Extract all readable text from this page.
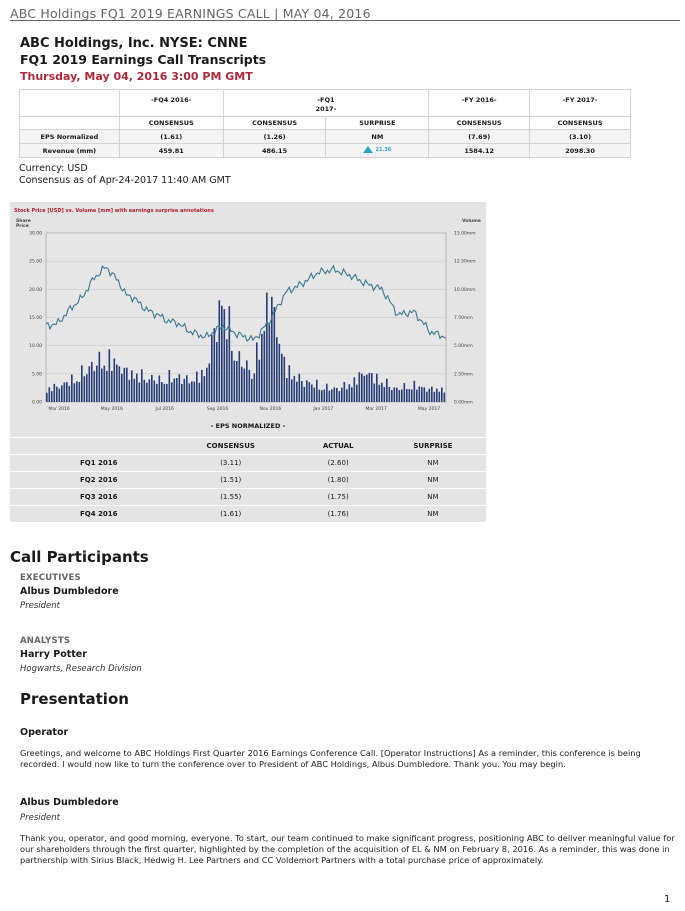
ABC Holdings FQ1 2019 EARNINGS CALL | MAY 04, 2016
ABC Holdings, Inc. NYSE: CNNE
FQ1 2019 Earnings Call Transcripts
Thursday, May 04, 2016 3:00 PM GMT
	-FQ4 2016-	-FQ1
2017-		-FY 2016-	-FY 2017-
	CONSENSUS	CONSENSUS	SURPRISE	CONSENSUS	CONSENSUS
EPS Normalized	(1.61)	(1.26)	NM	(7.69)	(3.10)
Revenue (mm)	459.81	486.15	21.36	1584.12	2098.30
Currency: USD
Consensus as of Apr-24-2017 11:40 AM GMT
0.00	0.00mm
5.00	2.50mm
10.00	5.00mm
15.00	7.50mm
20.00	10.00mm
25.00	12.50mm
30.00	15.00mm
Mar 2016	May 2016	Jul 2016	Sep 2016	Nov 2016	Jan 2017	Mar 2017	May 2017
Stock Price [USD] vs. Volume [mm] with earnings surprise annotations
Share
Price
Volume
- EPS NORMALIZED -
	CONSENSUS	ACTUAL	SURPRISE
FQ1 2016	(3.11)	(2.60)	NM
FQ2 2016	(1.51)	(1.80)	NM
FQ3 2016	(1.55)	(1.75)	NM
FQ4 2016	(1.61)	(1.76)	NM
Call Participants
EXECUTIVES
Albus Dumbledore
President
ANALYSTS
Harry Potter
Hogwarts, Research Division
Presentation
Operator
Greetings, and welcome to ABC Holdings First Quarter 2016 Earnings Conference Call. [Operator Instructions] As a reminder, this conference is being recorded. I would now like to turn the conference over to President of ABC Holdings, Albus Dumbledore. Thank you. You may begin.
Albus Dumbledore
President
Thank you, operator, and good morning, everyone. To start, our team continued to make significant progress, positioning ABC to deliver meaningful value for our shareholders through the first quarter, highlighted by the completion of the acquisition of EL & NM on February 8, 2016. As a reminder, this was done in partnership with Sirius Black, Hedwig H. Lee Partners and CC Voldemort Partners with a total purchase price of approximately.
1
